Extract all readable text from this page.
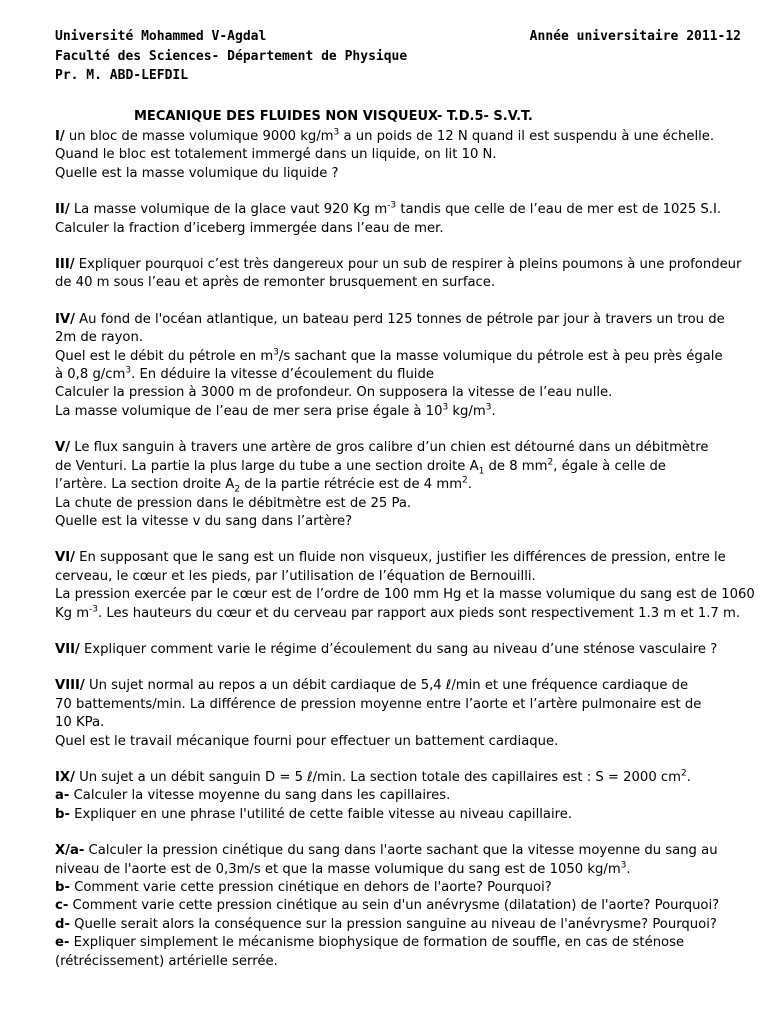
Université Mohammed V-Agdal	Année universitaire 2011-12
Faculté des Sciences- Département de Physique
Pr. M. ABD-LEFDIL
MECANIQUE DES FLUIDES NON VISQUEUX- T.D.5- S.V.T.
I/ un bloc de masse volumique 9000 $kg/m^3$ a un poids de 12 N quand il est suspendu à une échelle.
Quand le bloc est totalement immergé dans un liquide, on lit 10 N.
Quelle est la masse volumique du liquide ?
II/ La masse volumique de la glace vaut 920 Kg $m^{-3}$ tandis que celle de l’eau de mer est de 1025 S.I.
Calculer la fraction d’iceberg immergée dans l’eau de mer.
III/ Expliquer pourquoi c’est très dangereux pour un sub de respirer à pleins poumons à une profondeur
de 40 m sous l’eau et après de remonter brusquement en surface.
IV/ Au fond de l'océan atlantique, un bateau perd 125 tonnes de pétrole par jour à travers un trou de
2m de rayon.
Quel est le débit du pétrole en $m^3/s$ sachant que la masse volumique du pétrole est à peu près égale
à 0,8 $g/cm^3$. En déduire la vitesse d’écoulement du fluide
Calculer la pression à 3000 m de profondeur. On supposera la vitesse de l’eau nulle.
La masse volumique de l’eau de mer sera prise égale à $10^3$ $kg/m^3$.
V/ Le flux sanguin à travers une artère de gros calibre d’un chien est détourné dans un débitmètre
de Venturi. La partie la plus large du tube a une section droite $A_1$ de 8 $mm^2$, égale à celle de
l’artère. La section droite $A_2$ de la partie rétrécie est de 4 $mm^2$.
La chute de pression dans le débitmètre est de 25 Pa.
Quelle est la vitesse v du sang dans l’artère?
VI/ En supposant que le sang est un fluide non visqueux, justifier les différences de pression, entre le
cerveau, le cœur et les pieds, par l’utilisation de l’équation de Bernouilli.
La pression exercée par le cœur est de l’ordre de 100 mm Hg et la masse volumique du sang est de 1060
Kg $m^{-3}$. Les hauteurs du cœur et du cerveau par rapport aux pieds sont respectivement 1.3 m et 1.7 m.
VII/ Expliquer comment varie le régime d’écoulement du sang au niveau d’une sténose vasculaire ?
VIII/ Un sujet normal au repos a un débit cardiaque de 5,4 ℓ/min et une fréquence cardiaque de
70 battements/min. La différence de pression moyenne entre l’aorte et l’artère pulmonaire est de
10 KPa.
Quel est le travail mécanique fourni pour effectuer un battement cardiaque.
IX/ Un sujet a un débit sanguin D = 5 ℓ/min. La section totale des capillaires est : S = 2000 $cm^2$.
a- Calculer la vitesse moyenne du sang dans les capillaires.
b- Expliquer en une phrase l'utilité de cette faible vitesse au niveau capillaire.
X/a- Calculer la pression cinétique du sang dans l'aorte sachant que la vitesse moyenne du sang au
niveau de l'aorte est de 0,3m/s et que la masse volumique du sang est de 1050 $kg/m^3$.
b- Comment varie cette pression cinétique en dehors de l'aorte? Pourquoi?
c- Comment varie cette pression cinétique au sein d'un anévrysme (dilatation) de l'aorte? Pourquoi?
d- Quelle serait alors la conséquence sur la pression sanguine au niveau de l'anévrysme? Pourquoi?
e- Expliquer simplement le mécanisme biophysique de formation de souffle, en cas de sténose
(rétrécissement) artérielle serrée.
